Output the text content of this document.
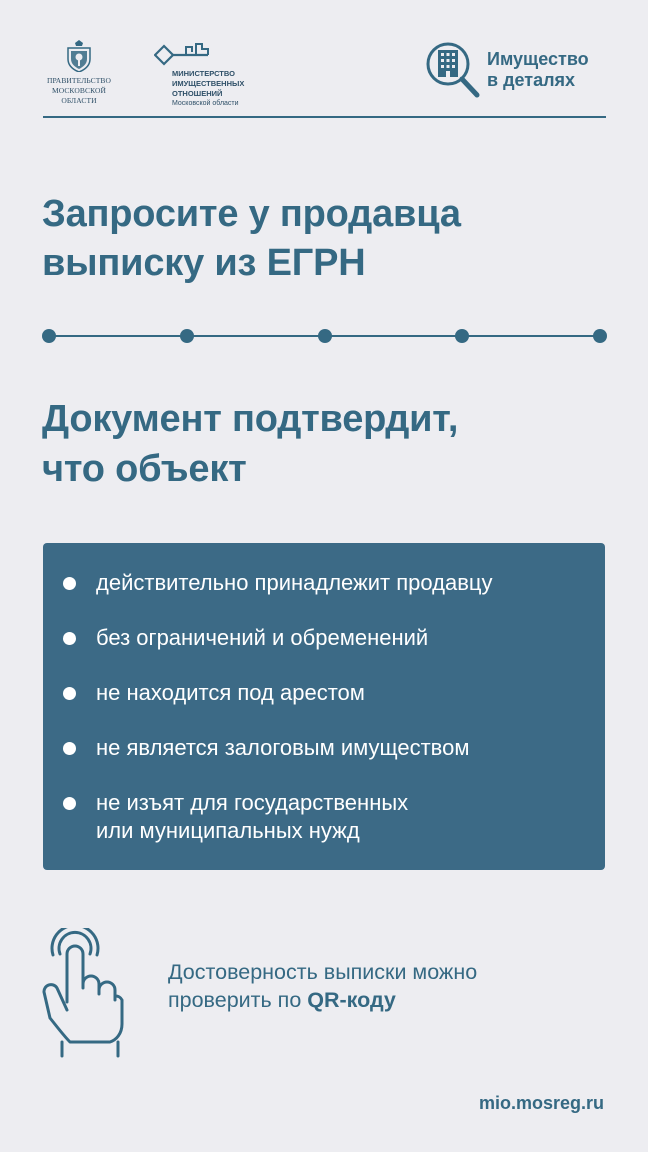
ПРАВИТЕЛЬСТВО
МОСКОВСКОЙ
ОБЛАСТИ
МИНИСТЕРСТВО
ИМУЩЕСТВЕННЫХ
ОТНОШЕНИЙ
Московской области
Имущество
в деталях
Запросите у продавца
выписку из ЕГРН
Документ подтвердит,
что объект
действительно принадлежит продавцу
без ограничений и обременений
не находится под арестом
не является залоговым имуществом
не изъят для государственных
или муниципальных нужд
Достоверность выписки можно
проверить по QR-коду
mio.mosreg.ru
